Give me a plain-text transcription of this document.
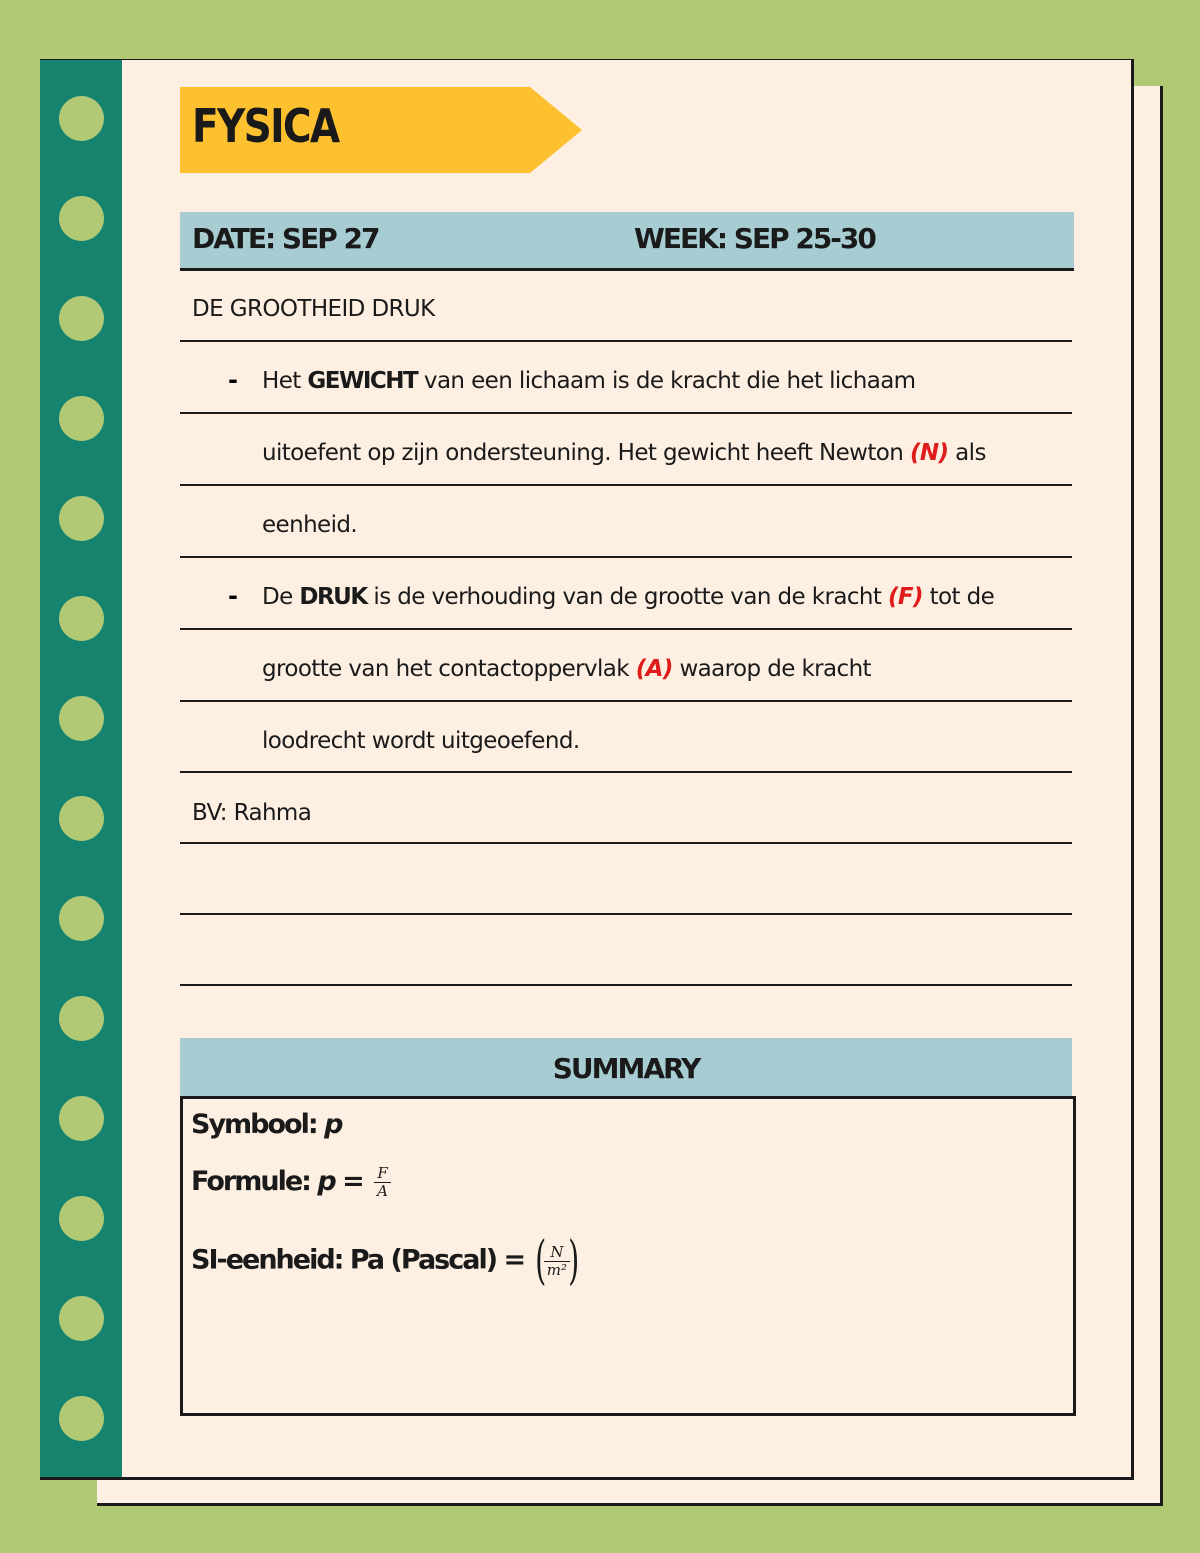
FYSICA
DATE: SEP 27	WEEK: SEP 25-30
DE GROOTHEID DRUK
- Het GEWICHT van een lichaam is de kracht die het lichaam
uitoefent op zijn ondersteuning. Het gewicht heeft Newton (N) als
eenheid.
- De DRUK is de verhouding van de grootte van de kracht (F) tot de
grootte van het contactoppervlak (A) waarop de kracht
loodrecht wordt uitgeoefend.
BV: Rahma
SUMMARY
Symbool: p
Formule: $p = \frac{F}{A}$
SI-eenheid: Pa (Pascal) = (
$\frac{N}{\text{m²}}$
)
